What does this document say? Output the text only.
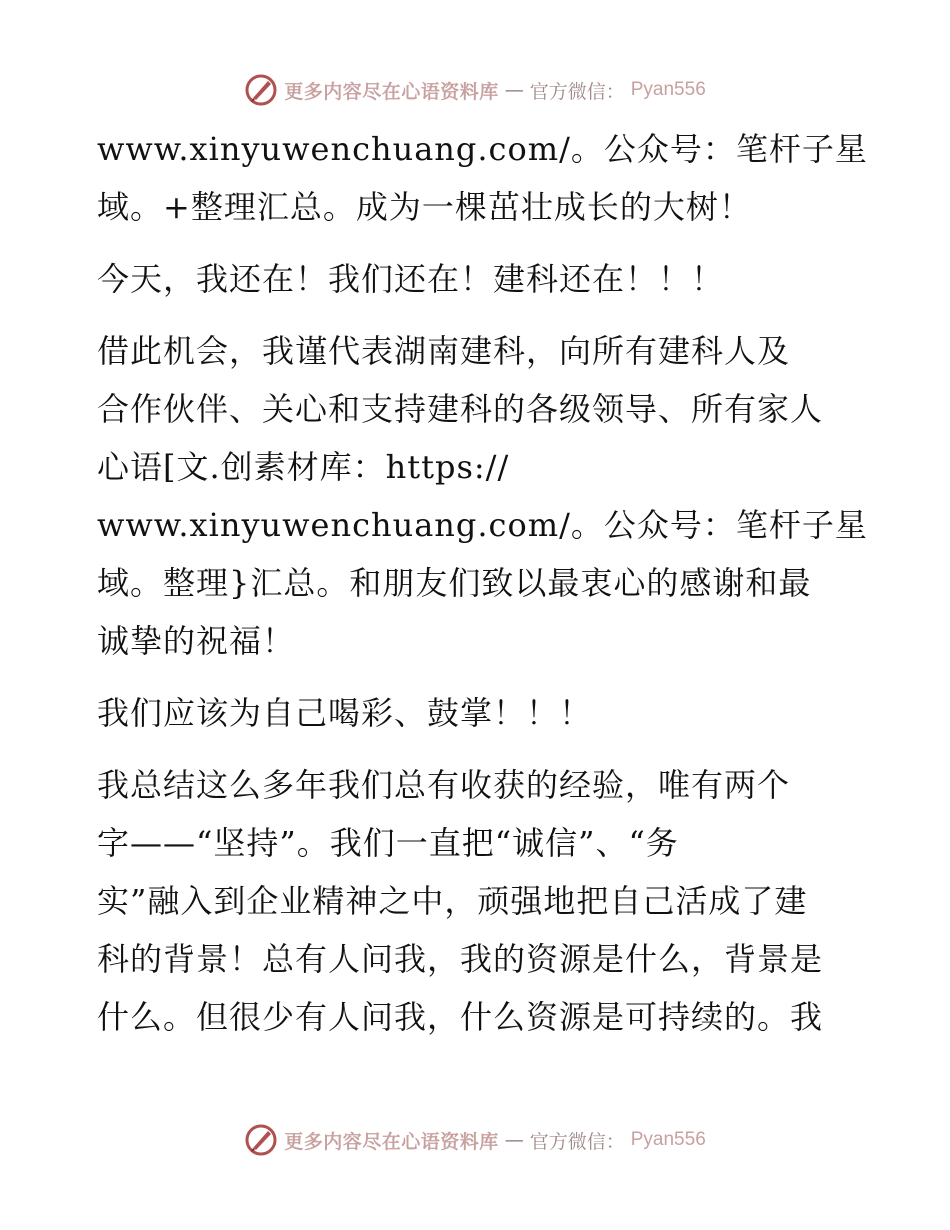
更多内容尽在心语资料库 — 官方微信： Pyan556
www.xinyuwenchuang.com/。公众号：笔杆子星
域。+整理汇总。成为一棵茁壮成长的大树！
今天，我还在！我们还在！建科还在！！！
借此机会，我谨代表湖南建科，向所有建科人及
合作伙伴、关心和支持建科的各级领导、所有家人
心语[文.创素材库：https://
www.xinyuwenchuang.com/。公众号：笔杆子星
域。整理}汇总。和朋友们致以最衷心的感谢和最
诚挚的祝福！
我们应该为自己喝彩、鼓掌！！！
我总结这么多年我们总有收获的经验，唯有两个
字——“坚持”。我们一直把“诚信”、“务
实”融入到企业精神之中，顽强地把自己活成了建
科的背景！总有人问我，我的资源是什么，背景是
什么。但很少有人问我，什么资源是可持续的。我
更多内容尽在心语资料库 — 官方微信： Pyan556
